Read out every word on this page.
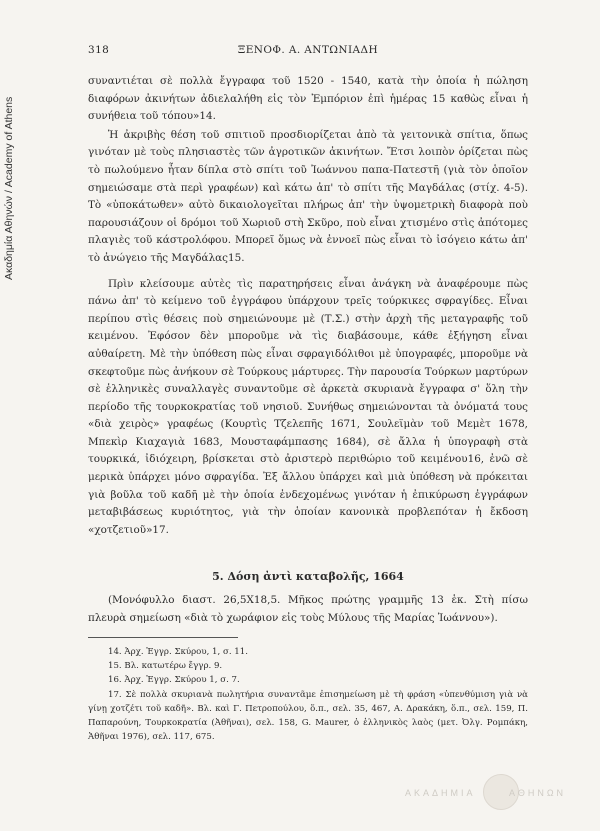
Ακαδημία Αθηνών / Academy of Athens
318	ΞΕΝΟΦ. Α. ΑΝΤΩΝΙΑΔΗ

συναντιέται σὲ πολλὰ ἔγγραφα τοῦ 1520 - 1540, κατὰ τὴν ὁποία ἡ πώληση διαφόρων ἀκινήτων ἀδιελαλήθη εἰς τὸν Ἐμπόριον ἐπὶ ἡμέρας 15 καθὼς εἶναι ἡ συνήθεια τοῦ τόπου»14.

Ἡ ἀκριβὴς θέση τοῦ σπιτιοῦ προσδιορίζεται ἀπὸ τὰ γειτονικὰ σπίτια, ὅπως γινόταν μὲ τοὺς πλησιαστὲς τῶν ἀγροτικῶν ἀκινήτων. Ἔτσι λοιπὸν ὁρίζεται πὼς τὸ πωλούμενο ἦταν δίπλα στὸ σπίτι τοῦ Ἰωάννου παπα-Πατεστῆ (γιὰ τὸν ὁποῖον σημειώσαμε στὰ περὶ γραφέων) καὶ κάτω ἀπ' τὸ σπίτι τῆς Μαγδάλας (στίχ. 4-5). Τὸ «ὑποκάτωθεν» αὐτὸ δικαιολογεῖται πλήρως ἀπ' τὴν ὑψομετρικὴ διαφορὰ ποὺ παρουσιάζουν οἱ δρόμοι τοῦ Χωριοῦ στὴ Σκῦρο, ποὺ εἶναι χτισμένο στὶς ἀπότομες πλαγιὲς τοῦ κάστρολόφου. Μπορεῖ ὅμως νὰ ἐννοεῖ πὼς εἶναι τὸ ἰσόγειο κάτω ἀπ' τὸ ἀνώγειο τῆς Μαγδάλας15.

Πρὶν κλείσουμε αὐτὲς τὶς παρατηρήσεις εἶναι ἀνάγκη νὰ ἀναφέρουμε πὼς πάνω ἀπ' τὸ κείμενο τοῦ ἐγγράφου ὑπάρχουν τρεῖς τούρκικες σφραγίδες. Εἶναι περίπου στὶς θέσεις ποὺ σημειώνουμε μὲ (Τ.Σ.) στὴν ἀρχὴ τῆς μεταγραφῆς τοῦ κειμένου. Ἐφόσον δὲν μποροῦμε νὰ τὶς διαβάσουμε, κάθε ἐξήγηση εἶναι αὐθαίρετη. Μὲ τὴν ὑπόθεση πὼς εἶναι σφραγιδόλιθοι μὲ ὑπογραφές, μποροῦμε νὰ σκεφτοῦμε πὼς ἀνήκουν σὲ Τούρκους μάρτυρες. Τὴν παρουσία Τούρκων μαρτύρων σὲ ἑλληνικὲς συναλλαγὲς συναντοῦμε σὲ ἀρκετὰ σκυριανὰ ἔγγραφα σ' ὅλη τὴν περίοδο τῆς τουρκοκρατίας τοῦ νησιοῦ. Συνήθως σημειώνονται τὰ ὀνόματά τους «διὰ χειρὸς» γραφέως (Κουρτὶς Τζελεπῆς 1671, Σουλεϊμὰν τοῦ Μεμὲτ 1678, Μπεκὶρ Κιαχαγιὰ 1683, Μουσταφάμπασης 1684), σὲ ἄλλα ἡ ὑπογραφὴ στὰ τουρκικά, ἰδιόχειρη, βρίσκεται στὸ ἀριστερὸ περιθώριο τοῦ κειμένου16, ἐνῶ σὲ μερικὰ ὑπάρχει μόνο σφραγίδα. Ἐξ ἄλλου ὑπάρχει καὶ μιὰ ὑπόθεση νὰ πρόκειται γιὰ βοῦλα τοῦ καδῆ μὲ τὴν ὁποία ἐνδεχομένως γινόταν ἡ ἐπικύρωση ἐγγράφων μεταβιβάσεως κυριότητος, γιὰ τὴν ὁποίαν κανονικὰ προβλεπόταν ἡ ἔκδοση «χοτζετιοῦ»17.

5. Δόση ἀντὶ καταβολῆς, 1664

(Μονόφυλλο διαστ. 26,5Χ18,5. Μῆκος πρώτης γραμμῆς 13 ἑκ. Στὴ πίσω πλευρὰ σημείωση «διὰ τὸ χωράφιον εἰς τοὺς Μύλους τῆς Μαρίας Ἰωάννου»).

14. Ἀρχ. Ἐγγρ. Σκύρου, 1, σ. 11.

15. Βλ. κατωτέρω ἔγγρ. 9.

16. Ἀρχ. Ἐγγρ. Σκύρου 1, σ. 7.

17. Σὲ πολλὰ σκυριανὰ πωλητήρια συναντᾶμε ἐπισημείωση μὲ τὴ φράση «ὑπενθύμιση γιὰ νὰ γίνῃ χοτζέτι τοῦ καδῆ». Βλ. καὶ Γ. Πετροπούλου, ὅ.π., σελ. 35, 467, Α. Δρακάκη, ὅ.π., σελ. 159, Π. Παπαρούνη, Τουρκοκρατία (Ἀθῆναι), σελ. 158, G. Maurer, ὁ ἑλληνικὸς λαὸς (μετ. Ὀλγ. Ρομπάκη, Ἀθῆναι 1976), σελ. 117, 675.

ΑΚΑΔΗΜΙΑ	ΑΘΗΝΩΝ
